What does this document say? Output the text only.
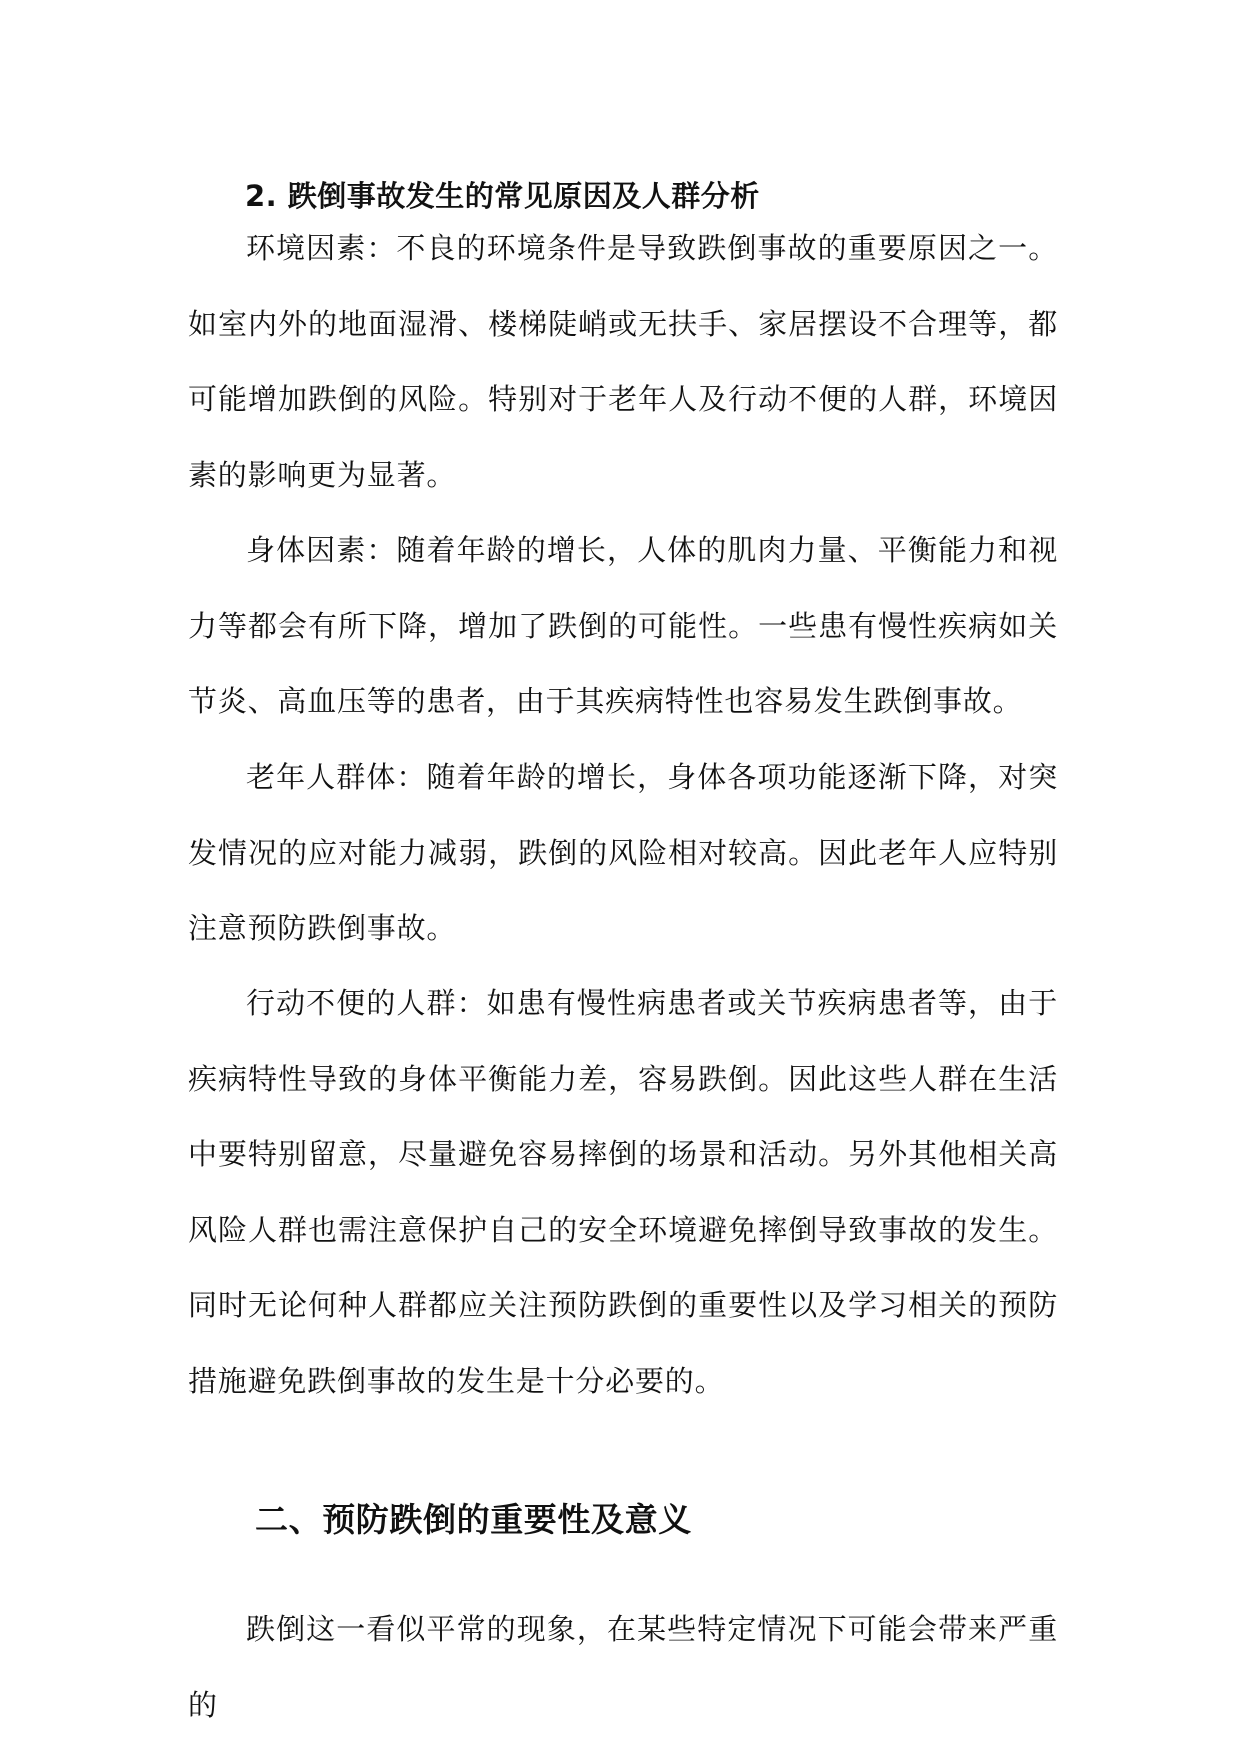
2. 跌倒事故发生的常见原因及人群分析

环境因素：不良的环境条件是导致跌倒事故的重要原因之一。如室内外的地面湿滑、楼梯陡峭或无扶手、家居摆设不合理等，都可能增加跌倒的风险。特别对于老年人及行动不便的人群，环境因素的影响更为显著。

身体因素：随着年龄的增长，人体的肌肉力量、平衡能力和视力等都会有所下降，增加了跌倒的可能性。一些患有慢性疾病如关节炎、高血压等的患者，由于其疾病特性也容易发生跌倒事故。

老年人群体：随着年龄的增长，身体各项功能逐渐下降，对突发情况的应对能力减弱，跌倒的风险相对较高。因此老年人应特别注意预防跌倒事故。

行动不便的人群：如患有慢性病患者或关节疾病患者等，由于疾病特性导致的身体平衡能力差，容易跌倒。因此这些人群在生活中要特别留意，尽量避免容易摔倒的场景和活动。另外其他相关高风险人群也需注意保护自己的安全环境避免摔倒导致事故的发生。同时无论何种人群都应关注预防跌倒的重要性以及学习相关的预防措施避免跌倒事故的发生是十分必要的。

二、预防跌倒的重要性及意义

跌倒这一看似平常的现象，在某些特定情况下可能会带来严重的
